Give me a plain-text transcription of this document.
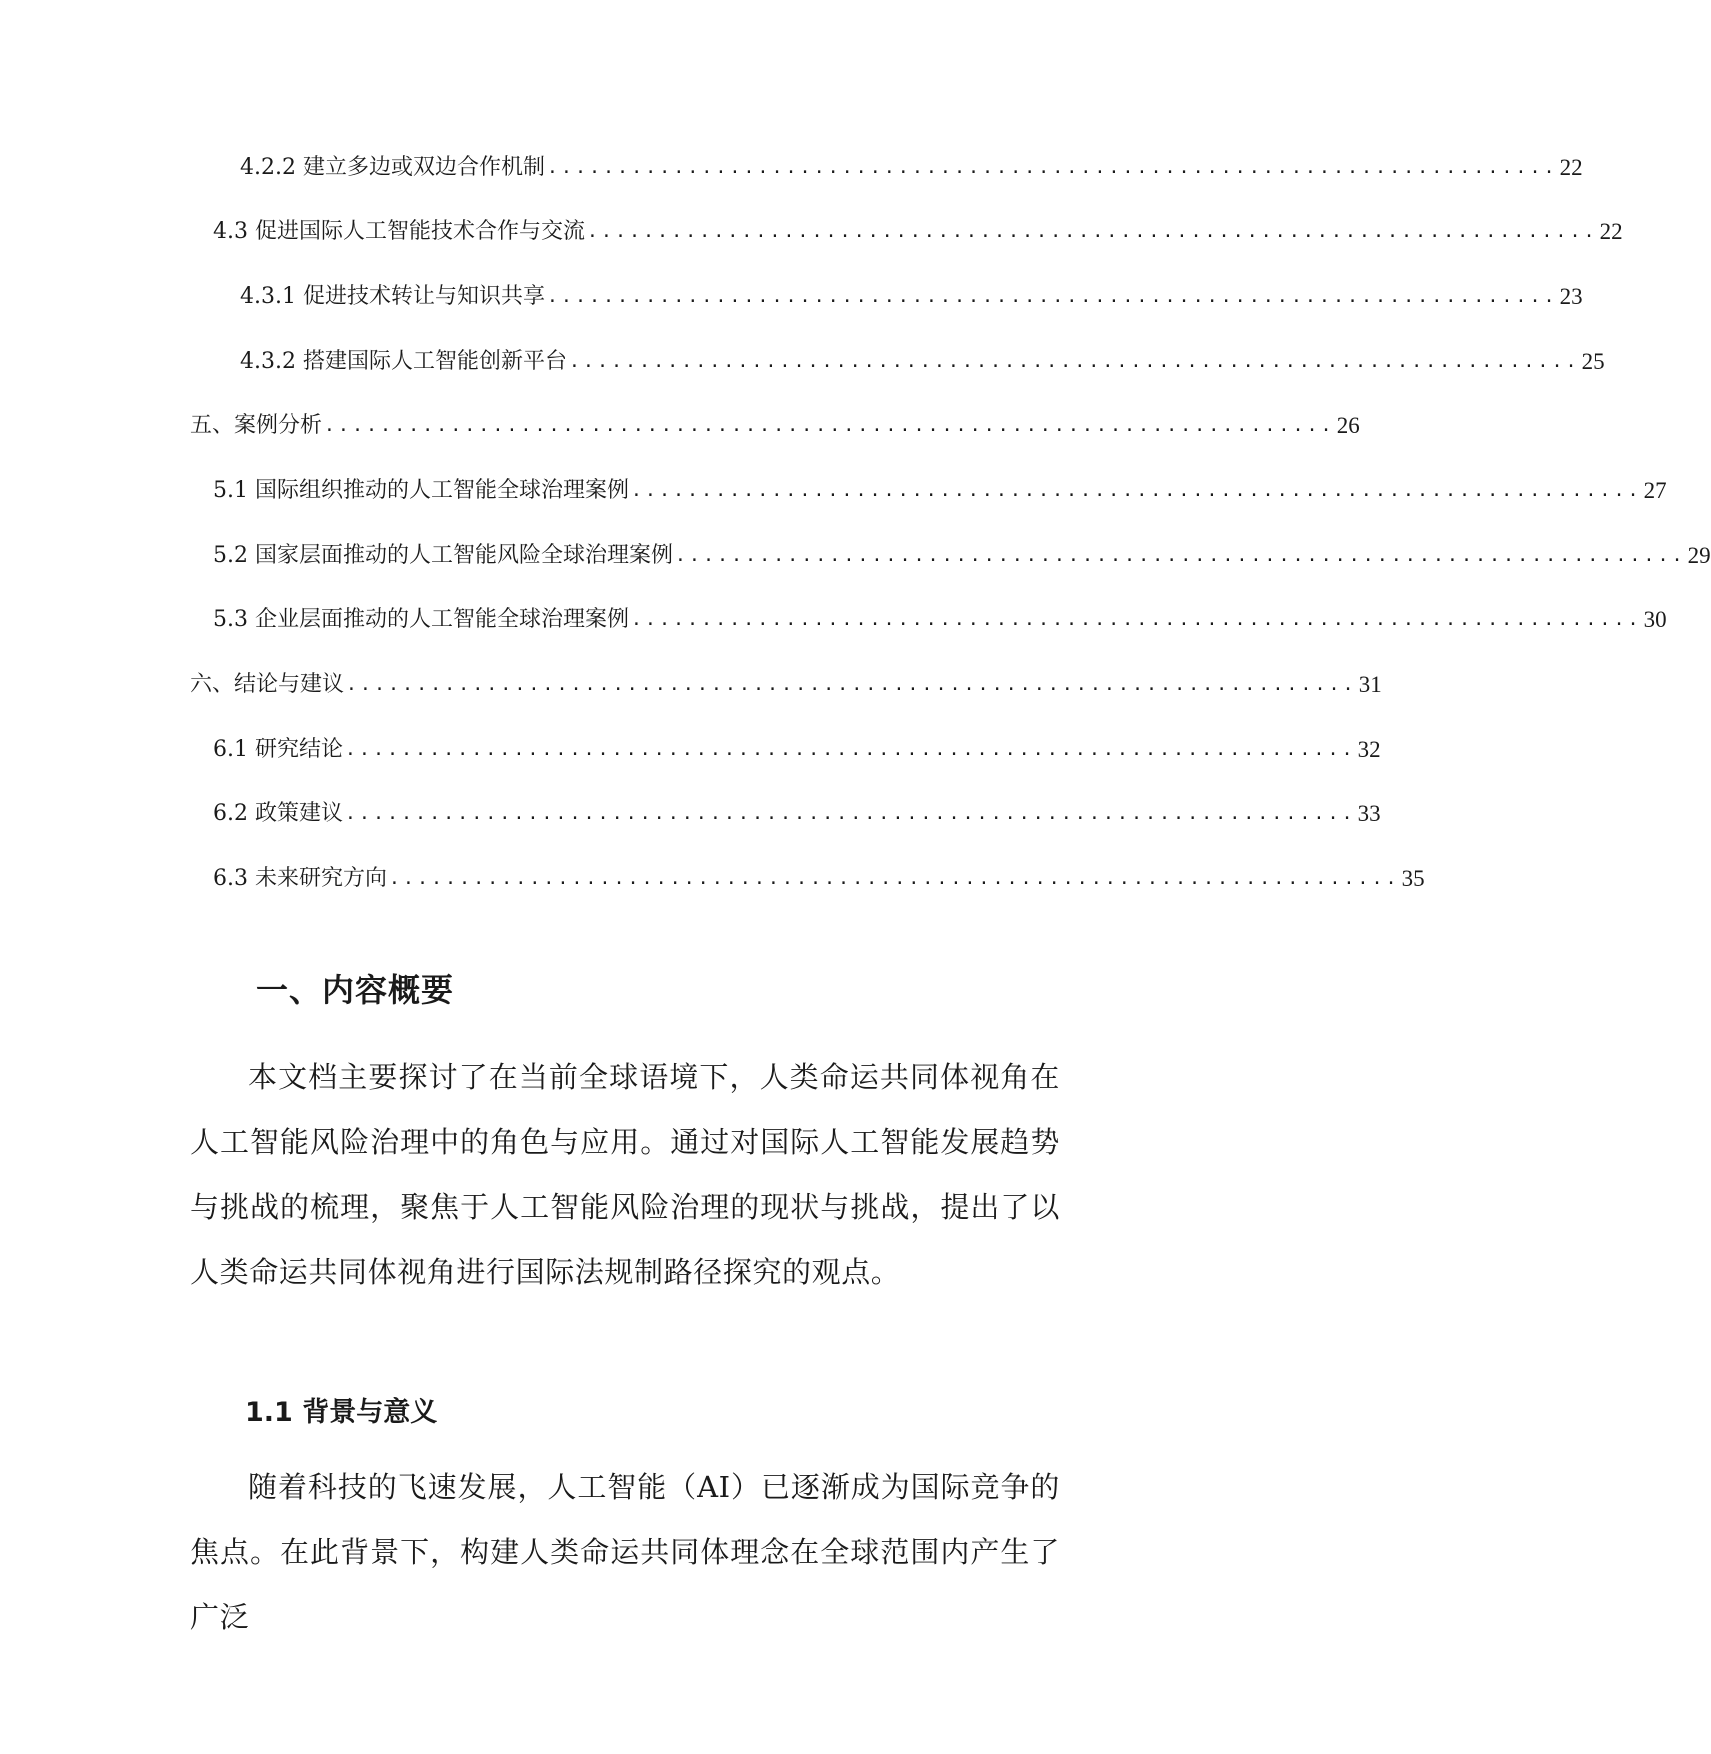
4.2.2 建立多边或双边合作机制 ........................................................................ 22
4.3 促进国际人工智能技术合作与交流 ........................................................................ 22
4.3.1 促进技术转让与知识共享 ........................................................................ 23
4.3.2 搭建国际人工智能创新平台 ........................................................................ 25
五、案例分析 ........................................................................ 26
5.1 国际组织推动的人工智能全球治理案例 ........................................................................ 27
5.2 国家层面推动的人工智能风险全球治理案例 ........................................................................ 29
5.3 企业层面推动的人工智能全球治理案例 ........................................................................ 30
六、结论与建议 ........................................................................ 31
6.1 研究结论 ........................................................................ 32
6.2 政策建议 ........................................................................ 33
6.3 未来研究方向 ........................................................................ 35
一、内容概要

本文档主要探讨了在当前全球语境下，人类命运共同体视角在人工智能风险治理中的角色与应用。通过对国际人工智能发展趋势与挑战的梳理，聚焦于人工智能风险治理的现状与挑战，提出了以人类命运共同体视角进行国际法规制路径探究的观点。

1.1 背景与意义

随着科技的飞速发展，人工智能（AI）已逐渐成为国际竞争的焦点。在此背景下，构建人类命运共同体理念在全球范围内产生了广泛
